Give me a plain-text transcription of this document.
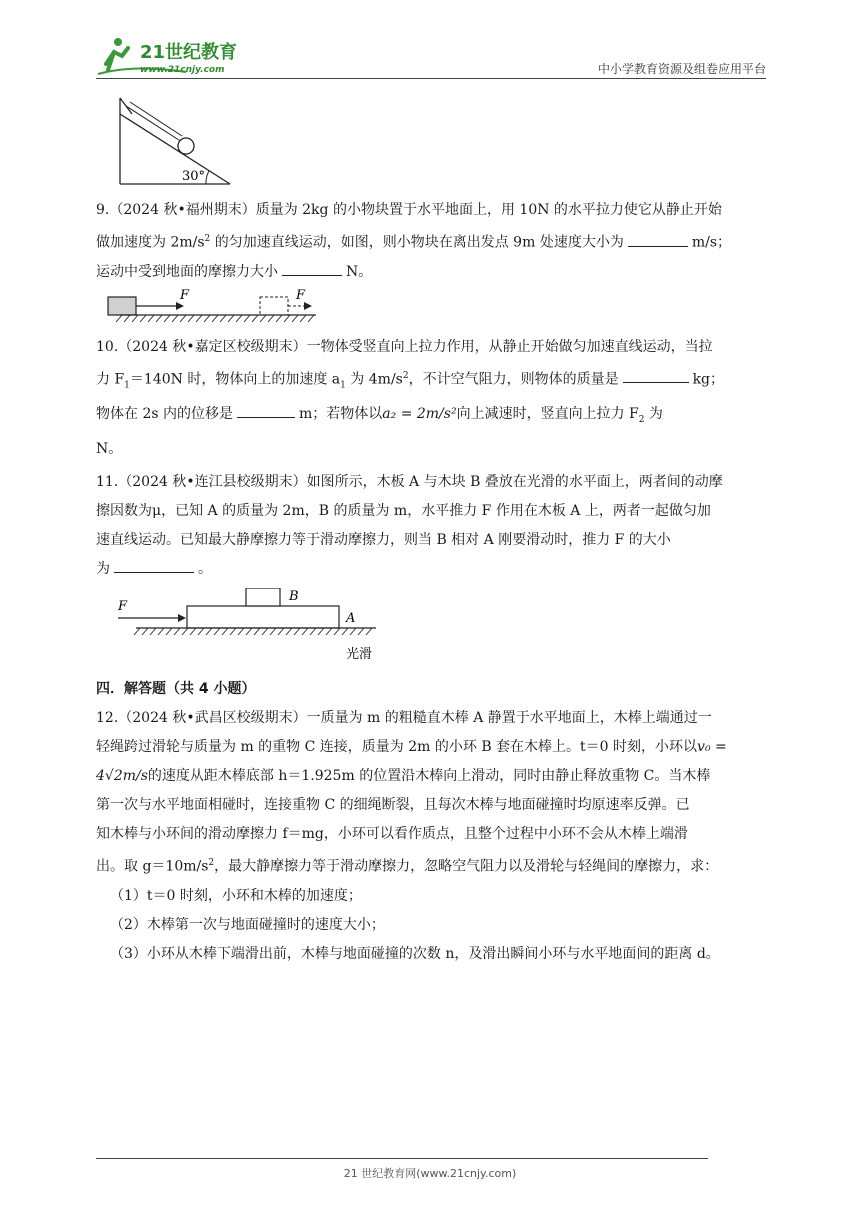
21世纪教育
www.21cnjy.com	中小学教育资源及组卷应用平台
30°

9.（2024 秋•福州期末）质量为 2kg 的小物块置于水平地面上，用 10N 的水平拉力使它从静止开始

做加速度为 $2m/s^2$ 的匀加速直线运动，如图，则小物块在离出发点 9m 处速度大小为	m/s；

运动中受到地面的摩擦力大小	N。

F	F

10.（2024 秋•嘉定区校级期末）一物体受竖直向上拉力作用，从静止开始做匀加速直线运动，当拉

力 $F_1=140N$ 时，物体向上的加速度 $a_1$ 为 $4m/s^2$，不计空气阻力，则物体的质量是	kg；

物体在 2s 内的位移是	m；若物体以a₂ = 2m/s²向上减速时，竖直向上拉力 $F_2$ 为

N。

11.（2024 秋•连江县校级期末）如图所示，木板 A 与木块 B 叠放在光滑的水平面上，两者间的动摩

擦因数为μ，已知 A 的质量为 2m，B 的质量为 m，水平推力 F 作用在木板 A 上，两者一起做匀加

速直线运动。已知最大静摩擦力等于滑动摩擦力，则当 B 相对 A 刚要滑动时，推力 F 的大小

为	。

F
B
A
光滑
四．解答题（共 4 小题）

12.（2024 秋•武昌区校级期末）一质量为 m 的粗糙直木棒 A 静置于水平地面上，木棒上端通过一

轻绳跨过滑轮与质量为 m 的重物 C 连接，质量为 2m 的小环 B 套在木棒上。t＝0 时刻，小环以v₀ =

4√2m/s的速度从距木棒底部 h＝1.925m 的位置沿木棒向上滑动，同时由静止释放重物 C。当木棒

第一次与水平地面相碰时，连接重物 C 的细绳断裂，且每次木棒与地面碰撞时均原速率反弹。已

知木棒与小环间的滑动摩擦力 f＝mg，小环可以看作质点，且整个过程中小环不会从木棒上端滑

出。取 $g=10m/s^2$，最大静摩擦力等于滑动摩擦力，忽略空气阻力以及滑轮与轻绳间的摩擦力，求：

（1）t＝0 时刻，小环和木棒的加速度；

（2）木棒第一次与地面碰撞时的速度大小；

（3）小环从木棒下端滑出前，木棒与地面碰撞的次数 n，及滑出瞬间小环与水平地面间的距离 d。

21 世纪教育网(www.21cnjy.com)
